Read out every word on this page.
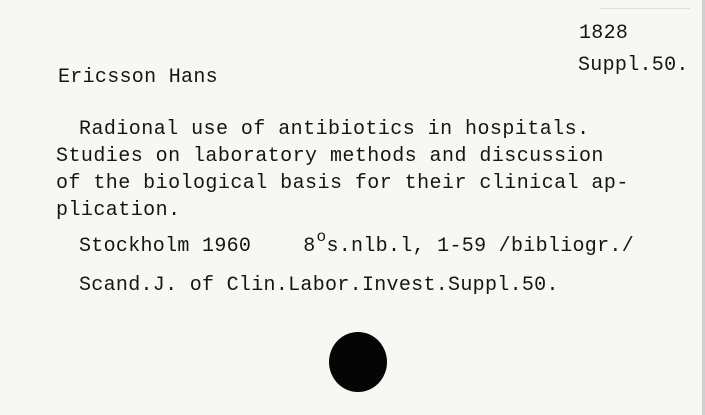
1828
Suppl.50.
Ericsson Hans
Radional use of antibiotics in hospitals.
Studies on laboratory methods and discussion
of the biological basis for their clinical ap-
plication.
Stockholm 1960	8$^o$s.nlb.l, 1-59 /bibliogr./
Scand.J. of Clin.Labor.Invest.Suppl.50.
